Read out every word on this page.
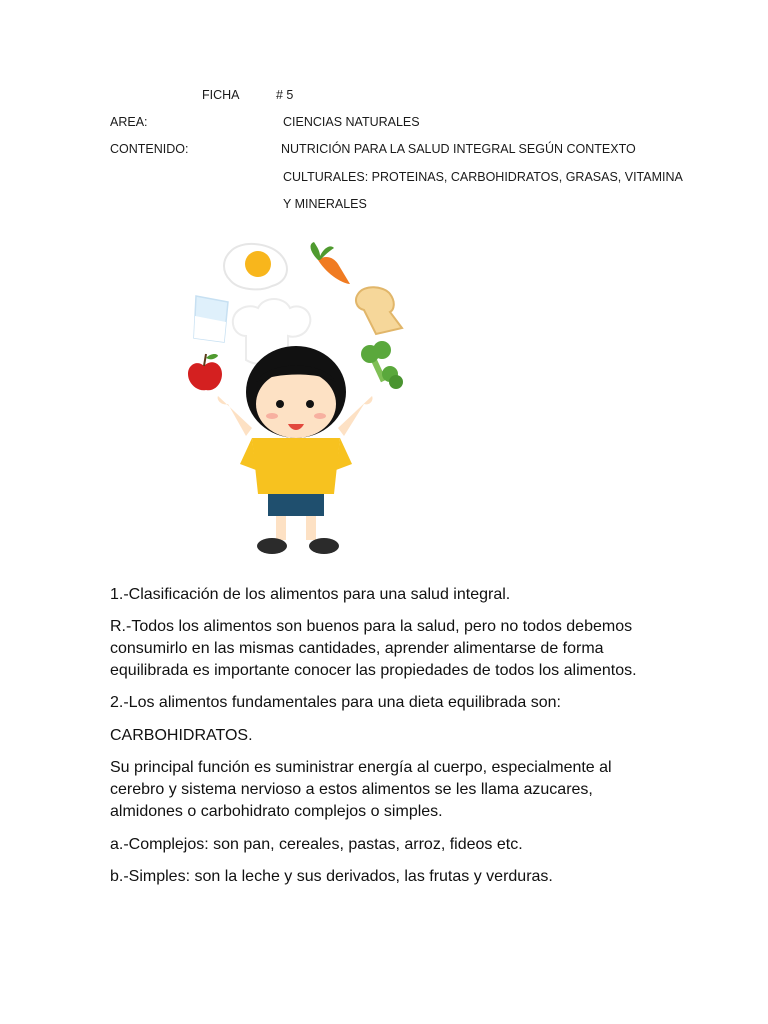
FICHA	# 5
AREA:	CIENCIAS NATURALES
CONTENIDO:	NUTRICIÓN PARA LA SALUD INTEGRAL SEGÚN CONTEXTO
CULTURALES: PROTEINAS, CARBOHIDRATOS, GRASAS, VITAMINA
Y MINERALES
1.-Clasificación de los alimentos para una salud integral.
R.-Todos los alimentos son buenos para la salud, pero no todos debemos
consumirlo en las mismas cantidades, aprender alimentarse de forma
equilibrada es importante conocer las propiedades de todos los alimentos.
2.-Los alimentos fundamentales para una dieta equilibrada son:
CARBOHIDRATOS.
Su principal función es suministrar energía al cuerpo, especialmente al
cerebro y sistema nervioso a estos alimentos se les llama azucares,
almidones o carbohidrato complejos o simples.
a.-Complejos: son pan, cereales, pastas, arroz, fideos etc.
b.-Simples: son la leche y sus derivados, las frutas y verduras.
